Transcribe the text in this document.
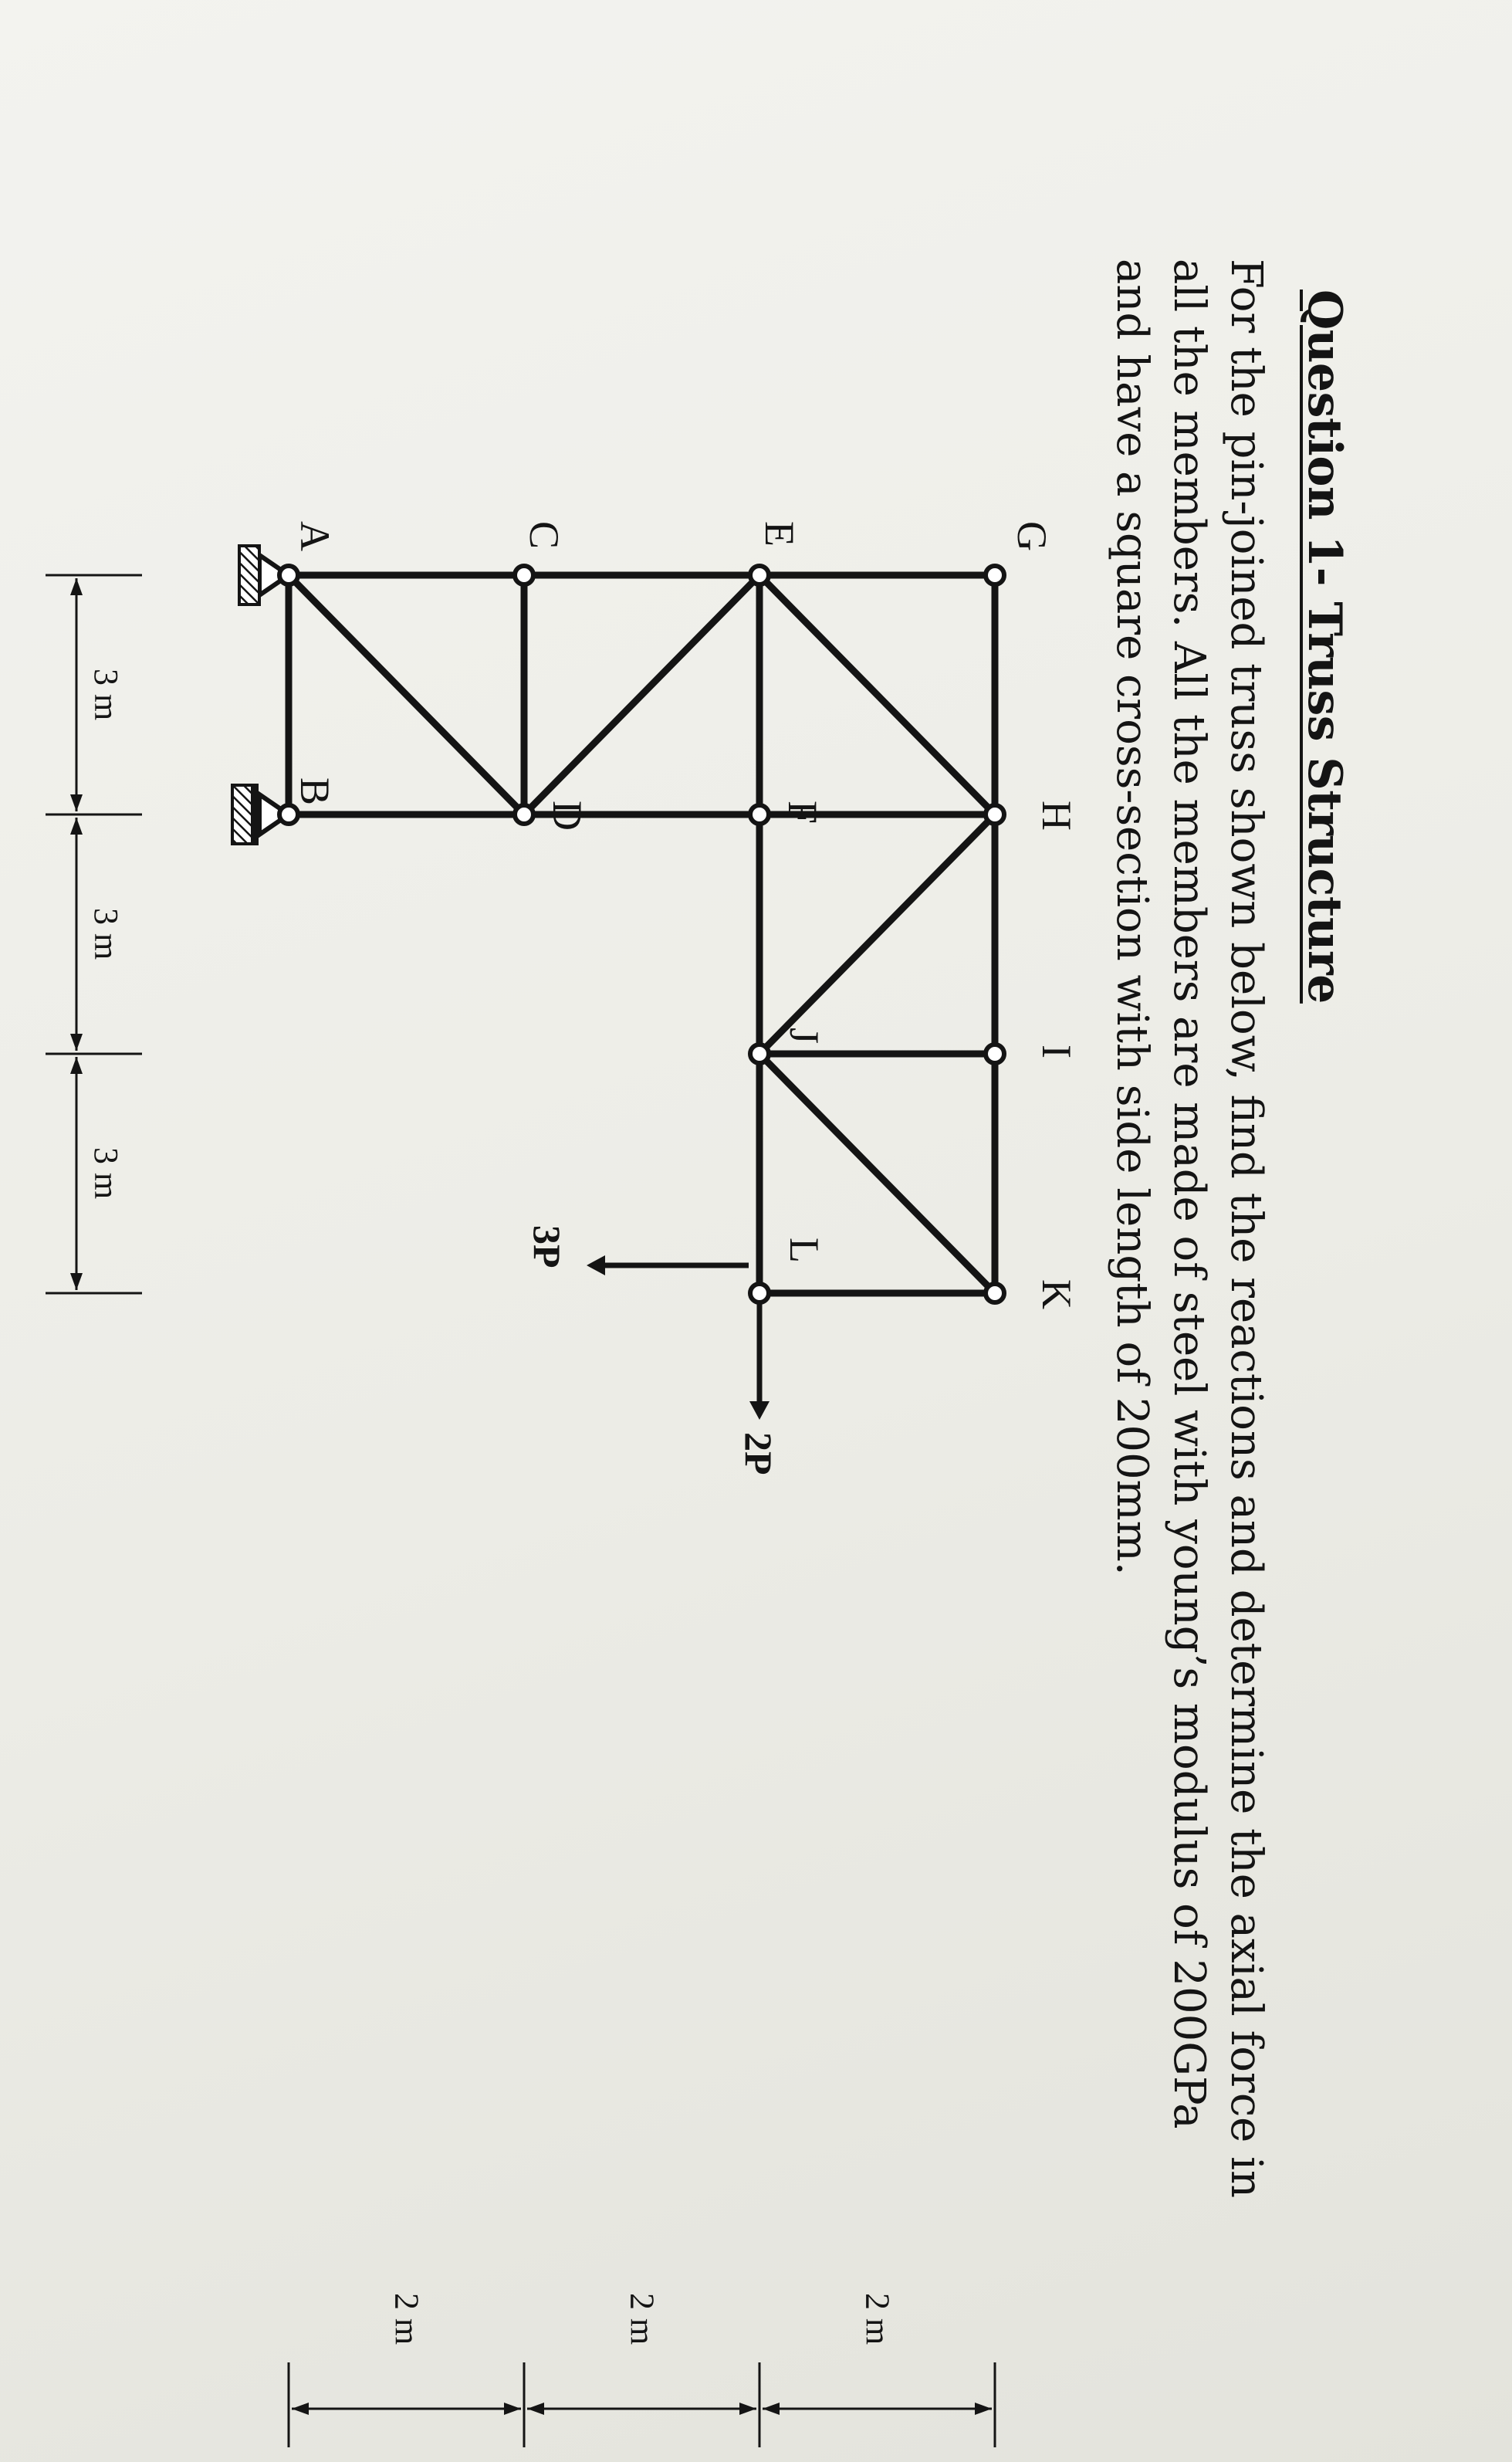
Question 1- Truss Structure

For the pin-joined truss shown below, find the reactions and determine the axial force in
all the members. All the members are made of steel with young’s modulus of 200GPa
and have a square cross-section with side length of 200mm.

3 m
3 m
3 m
2 m
2 m
2 m
2P
3P
G
H
I
K
E
F
J
L
C
D
A
B
